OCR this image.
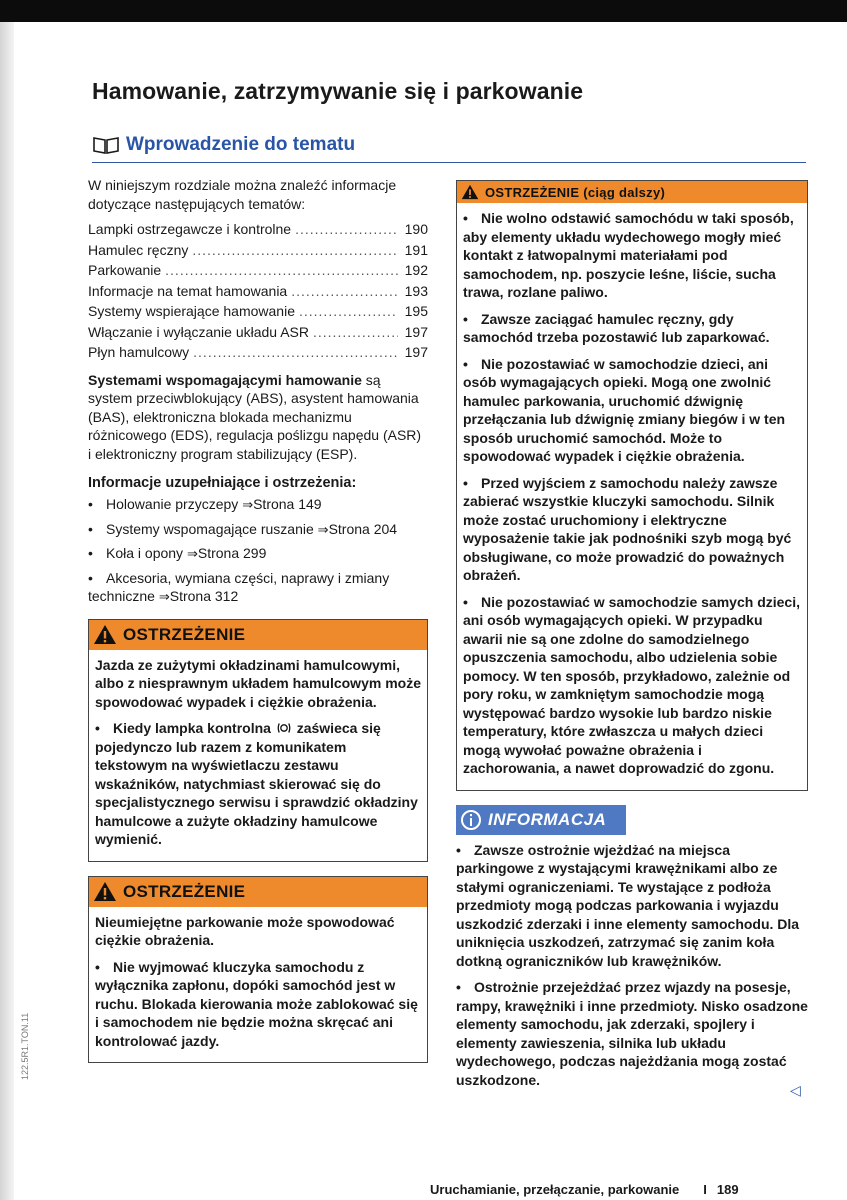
Hamowanie, zatrzymywanie się i parkowanie
Wprowadzenie do tematu

W niniejszym rozdziale można znaleźć informacje dotyczące następujących tematów:

Lampki ostrzegawcze i kontrolne .....	190
Hamulec ręczny .....	191
Parkowanie .....	192
Informacje na temat hamowania .....	193
Systemy wspierające hamowanie .....	195
Włączanie i wyłączanie układu ASR .....	197
Płyn hamulcowy .....	197

Systemami wspomagającymi hamowanie są system przeciwblokujący (ABS), asystent hamowania (BAS), elektroniczna blokada mechanizmu różnicowego (EDS), regulacja poślizgu napędu (ASR) i elektroniczny program stabilizujący (ESP).

Informacje uzupełniające i ostrzeżenia:
• Holowanie przyczepy ⇒Strona 149
• Systemy wspomagające ruszanie ⇒Strona 204
• Koła i opony ⇒Strona 299
• Akcesoria, wymiana części, naprawy i zmiany techniczne ⇒Strona 312
OSTRZEŻENIE

Jazda ze zużytymi okładzinami hamulcowymi, albo z niesprawnym układem hamulcowym może spowodować wypadek i ciężkie obrażenia.

• Kiedy lampka kontrolna zaświeca się pojedynczo lub razem z komunikatem tekstowym na wyświetlaczu zestawu wskaźników, natychmiast skierować się do specjalistycznego serwisu i sprawdzić okładziny hamulcowe a zużyte okładziny hamulcowe wymienić.

OSTRZEŻENIE

Nieumiejętne parkowanie może spowodować ciężkie obrażenia.

• Nie wyjmować kluczyka samochodu z wyłącznika zapłonu, dopóki samochód jest w ruchu. Blokada kierowania może zablokować się i samochodem nie będzie można skręcać ani kontrolować jazdy.

OSTRZEŻENIE (ciąg dalszy)

• Nie wolno odstawić samochódu w taki sposób, aby elementy układu wydechowego mogły mieć kontakt z łatwopalnymi materiałami pod samochodem, np. poszycie leśne, liście, sucha trawa, rozlane paliwo.

• Zawsze zaciągać hamulec ręczny, gdy samochód trzeba pozostawić lub zaparkować.

• Nie pozostawiać w samochodzie dzieci, ani osób wymagających opieki. Mogą one zwolnić hamulec parkowania, uruchomić dźwignię przełączania lub dźwignię zmiany biegów i w ten sposób uruchomić samochód. Może to spowodować wypadek i ciężkie obrażenia.

• Przed wyjściem z samochodu należy zawsze zabierać wszystkie kluczyki samochodu. Silnik może zostać uruchomiony i elektryczne wyposażenie takie jak podnośniki szyb mogą być obsługiwane, co może prowadzić do poważnych obrażeń.

• Nie pozostawiać w samochodzie samych dzieci, ani osób wymagających opieki. W przypadku awarii nie są one zdolne do samodzielnego opuszczenia samochodu, albo udzielenia sobie pomocy. W ten sposób, przykładowo, zależnie od pory roku, w zamkniętym samochodzie mogą występować bardzo wysokie lub bardzo niskie temperatury, które zwłaszcza u małych dzieci mogą wywołać poważne obrażenia i zachorowania, a nawet doprowadzić do zgonu.

INFORMACJA

• Zawsze ostrożnie wjeżdżać na miejsca parkingowe z wystającymi krawężnikami albo ze stałymi ograniczeniami. Te wystające z podłoża przedmioty mogą podczas parkowania i wyjazdu uszkodzić zderzaki i inne elementy samochodu. Dla uniknięcia uszkodzeń, zatrzymać się zanim koła dotkną ograniczników lub krawężników.

• Ostrożnie przejeżdżać przez wjazdy na posesje, rampy, krawężniki i inne przedmioty. Nisko osadzone elementy samochodu, jak zderzaki, spojlery i elementy zawieszenia, silnika lub układu wydechowego, podczas najeżdżania mogą zostać uszkodzone.

◁
Uruchamianie, przełączanie, parkowanie I 189
122.5R1.TON.11
